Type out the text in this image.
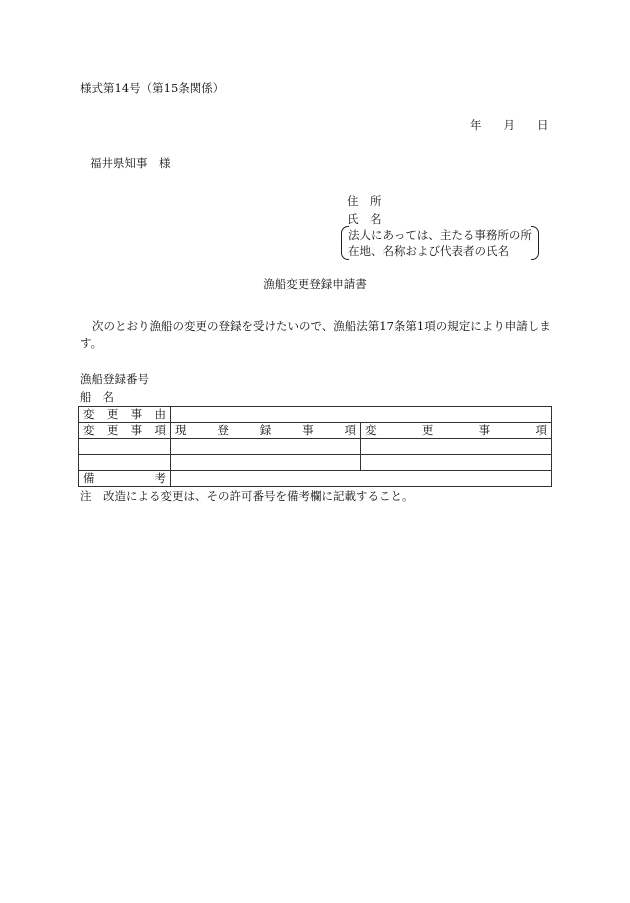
様式第14号（第15条関係）
年 月 日
福井県知事　様
住　所
氏　名
法人にあっては、主たる事務所の所
在地、名称および代表者の氏名
漁船変更登録申請書
次のとおり漁船の変更の登録を受けたいので、漁船法第17条第1項の規定により申請します。
漁船登録番号
船名
変 更 事 由		

変 更 事 項	現 登 録 事 項	変 更 事 項

備 考		

注　改造による変更は、その許可番号を備考欄に記載すること。
